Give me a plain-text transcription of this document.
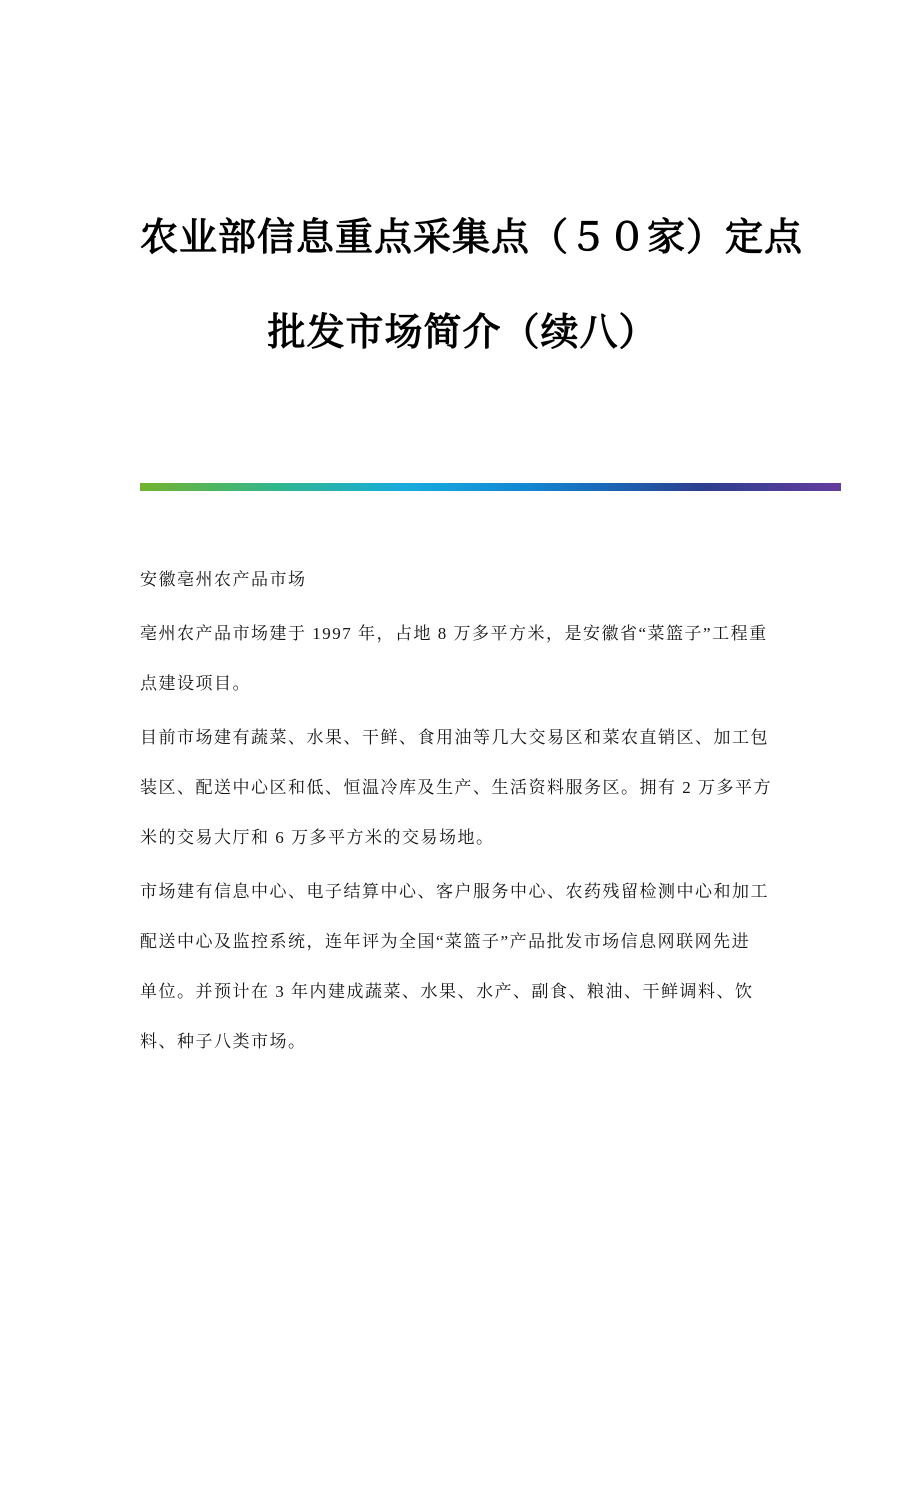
农业部信息重点采集点（５０家）定点
批发市场简介（续八）

安徽亳州农产品市场

亳州农产品市场建于 1997 年，占地 8 万多平方米，是安徽省“菜篮子”工程重
点建设项目。

目前市场建有蔬菜、水果、干鲜、食用油等几大交易区和菜农直销区、加工包
装区、配送中心区和低、恒温冷库及生产、生活资料服务区。拥有 2 万多平方
米的交易大厅和 6 万多平方米的交易场地。

市场建有信息中心、电子结算中心、客户服务中心、农药残留检测中心和加工
配送中心及监控系统，连年评为全国“菜篮子”产品批发市场信息网联网先进
单位。并预计在 3 年内建成蔬菜、水果、水产、副食、粮油、干鲜调料、饮
料、种子八类市场。
